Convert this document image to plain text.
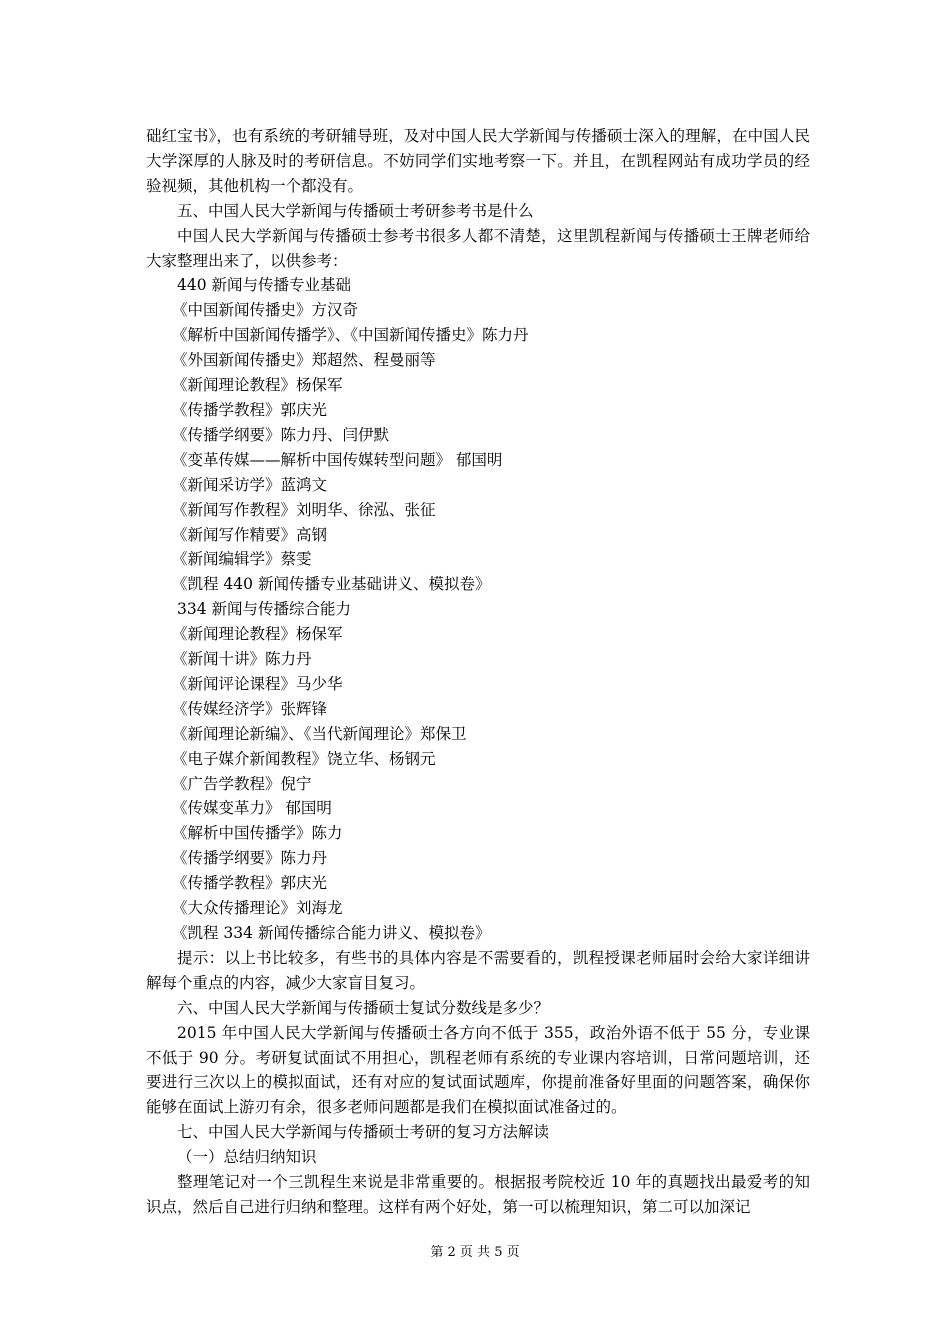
础红宝书》，也有系统的考研辅导班，及对中国人民大学新闻与传播硕士深入的理解，在中国人民大学深厚的人脉及时的考研信息。不妨同学们实地考察一下。并且，在凯程网站有成功学员的经验视频，其他机构一个都没有。

五、中国人民大学新闻与传播硕士考研参考书是什么

中国人民大学新闻与传播硕士参考书很多人都不清楚，这里凯程新闻与传播硕士王牌老师给大家整理出来了，以供参考：

440 新闻与传播专业基础

《中国新闻传播史》方汉奇

《解析中国新闻传播学》、《中国新闻传播史》陈力丹

《外国新闻传播史》郑超然、程曼丽等

《新闻理论教程》杨保军

《传播学教程》郭庆光

《传播学纲要》陈力丹、闫伊默

《变革传媒——解析中国传媒转型问题》 郁国明

《新闻采访学》蓝鸿文

《新闻写作教程》刘明华、徐泓、张征

《新闻写作精要》高钢

《新闻编辑学》蔡雯

《凯程 440 新闻传播专业基础讲义、模拟卷》

334 新闻与传播综合能力

《新闻理论教程》杨保军

《新闻十讲》陈力丹

《新闻评论课程》马少华

《传媒经济学》张辉锋

《新闻理论新编》、《当代新闻理论》郑保卫

《电子媒介新闻教程》饶立华、杨钢元

《广告学教程》倪宁

《传媒变革力》 郁国明

《解析中国传播学》陈力

《传播学纲要》陈力丹

《传播学教程》郭庆光

《大众传播理论》刘海龙

《凯程 334 新闻传播综合能力讲义、模拟卷》

提示：以上书比较多，有些书的具体内容是不需要看的，凯程授课老师届时会给大家详细讲解每个重点的内容，减少大家盲目复习。

六、中国人民大学新闻与传播硕士复试分数线是多少？

2015 年中国人民大学新闻与传播硕士各方向不低于 355，政治外语不低于 55 分，专业课不低于 90 分。考研复试面试不用担心，凯程老师有系统的专业课内容培训，日常问题培训，还要进行三次以上的模拟面试，还有对应的复试面试题库，你提前准备好里面的问题答案，确保你能够在面试上游刃有余，很多老师问题都是我们在模拟面试准备过的。

七、中国人民大学新闻与传播硕士考研的复习方法解读

（一）总结归纳知识

整理笔记对一个三凯程生来说是非常重要的。根据报考院校近 10 年的真题找出最爱考的知识点，然后自己进行归纳和整理。这样有两个好处，第一可以梳理知识，第二可以加深记

第 2 页 共 5 页
